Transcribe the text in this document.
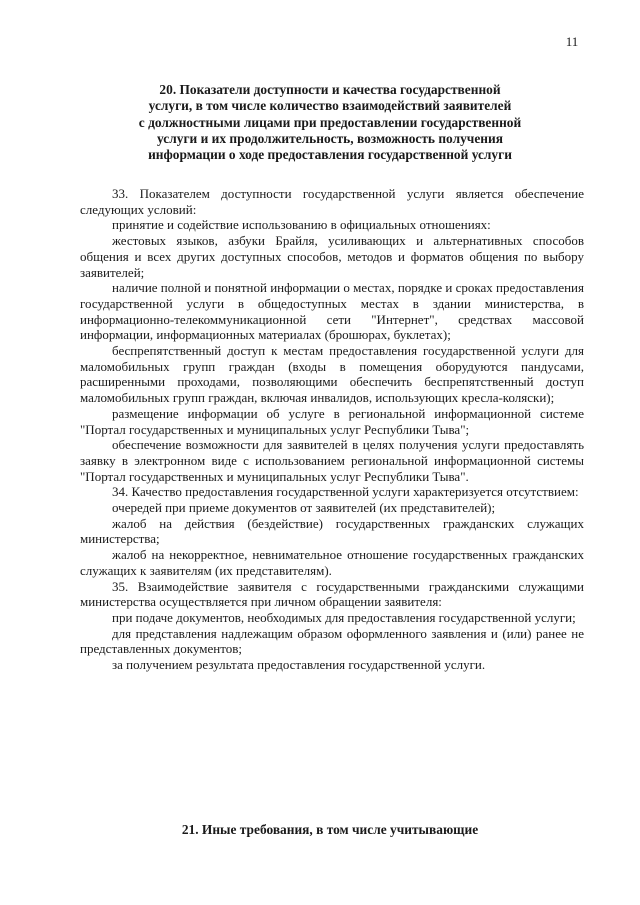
11
20. Показатели доступности и качества государственной
услуги, в том числе количество взаимодействий заявителей
с должностными лицами при предоставлении государственной
услуги и их продолжительность, возможность получения
информации о ходе предоставления государственной услуги

33. Показателем доступности государственной услуги является обеспечение следующих условий:

принятие и содействие использованию в официальных отношениях:

жестовых языков, азбуки Брайля, усиливающих и альтернативных способов общения и всех других доступных способов, методов и форматов общения по выбору заявителей;

наличие полной и понятной информации о местах, порядке и сроках предоставления государственной услуги в общедоступных местах в здании министерства, в информационно-телекоммуникационной сети "Интернет", средствах массовой информации, информационных материалах (брошюрах, буклетах);

беспрепятственный доступ к местам предоставления государственной услуги для маломобильных групп граждан (входы в помещения оборудуются пандусами, расширенными проходами, позволяющими обеспечить беспрепятственный доступ маломобильных групп граждан, включая инвалидов, использующих кресла-коляски);

размещение информации об услуге в региональной информационной системе "Портал государственных и муниципальных услуг Республики Тыва";

обеспечение возможности для заявителей в целях получения услуги предоставлять заявку в электронном виде с использованием региональной информационной системы "Портал государственных и муниципальных услуг Республики Тыва".

34. Качество предоставления государственной услуги характеризуется отсутствием:

очередей при приеме документов от заявителей (их представителей);

жалоб на действия (бездействие) государственных гражданских служащих министерства;

жалоб на некорректное, невнимательное отношение государственных гражданских служащих к заявителям (их представителям).

35. Взаимодействие заявителя с государственными гражданскими служащими министерства осуществляется при личном обращении заявителя:

при подаче документов, необходимых для предоставления государственной услуги;

для представления надлежащим образом оформленного заявления и (или) ранее не представленных документов;

за получением результата предоставления государственной услуги.

21. Иные требования, в том числе учитывающие
